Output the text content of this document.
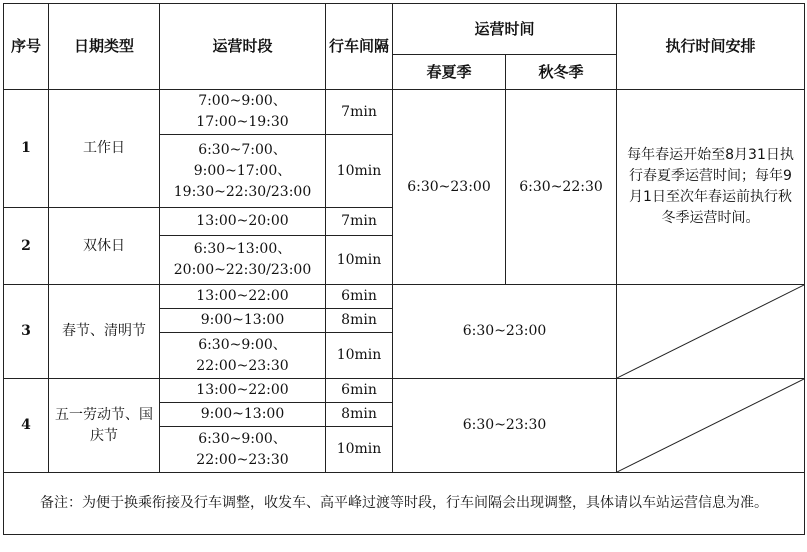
序号	日期类型	运营时段	行车间隔	运营时间		执行时间安排
				春夏季	秋冬季	
1	工作日	7:00~9:00、17:00~19:30	7min	6:30~23:00	6:30~22:30	每年春运开始至8月31日执行春夏季运营时间；每年9月1日至次年春运前执行秋冬季运营时间。
		6:30~7:00、9:00~17:00、19:30~22:30/23:00	10min			
2	双休日	13:00~20:00	7min			
		6:30~13:00、20:00~22:30/23:00	10min			
3	春节、清明节	13:00~22:00	6min	6:30~23:00	

		9:00~13:00	8min			
		6:30~9:00、22:00~23:30	10min			
4	五一劳动节、国庆节	13:00~22:00	6min	6:30~23:30	

		9:00~13:00	8min			
		6:30~9:00、22:00~23:30	10min			
备注：为便于换乘衔接及行车调整，收发车、高平峰过渡等时段，行车间隔会出现调整，具体请以车站运营信息为准。						
